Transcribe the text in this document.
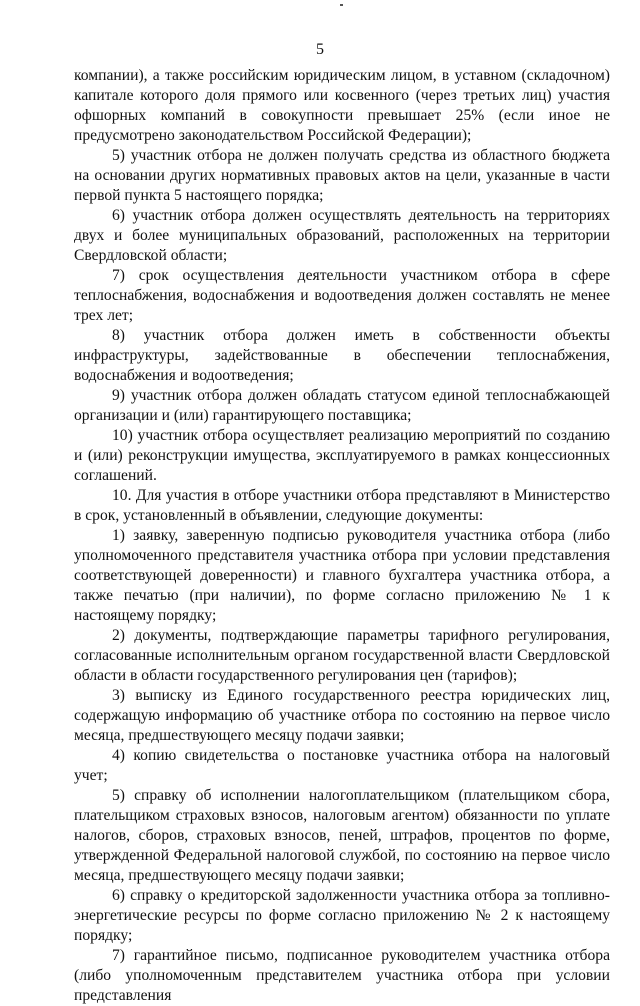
5

компании), а также российским юридическим лицом, в уставном (складочном) капитале которого доля прямого или косвенного (через третьих лиц) участия офшорных компаний в совокупности превышает 25% (если иное не предусмотрено законодательством Российской Федерации);

5) участник отбора не должен получать средства из областного бюджета на основании других нормативных правовых актов на цели, указанные в части первой пункта 5 настоящего порядка;

6) участник отбора должен осуществлять деятельность на территориях двух и более муниципальных образований, расположенных на территории Свердловской области;

7) срок осуществления деятельности участником отбора в сфере теплоснабжения, водоснабжения и водоотведения должен составлять не менее трех лет;

8) участник отбора должен иметь в собственности объекты инфраструктуры, задействованные в обеспечении теплоснабжения, водоснабжения и водоотведения;

9) участник отбора должен обладать статусом единой теплоснабжающей организации и (или) гарантирующего поставщика;

10) участник отбора осуществляет реализацию мероприятий по созданию и (или) реконструкции имущества, эксплуатируемого в рамках концессионных соглашений.

10. Для участия в отборе участники отбора представляют в Министерство в срок, установленный в объявлении, следующие документы:

1) заявку, заверенную подписью руководителя участника отбора (либо уполномоченного представителя участника отбора при условии представления соответствующей доверенности) и главного бухгалтера участника отбора, а также печатью (при наличии), по форме согласно приложению № 1 к настоящему порядку;

2) документы, подтверждающие параметры тарифного регулирования, согласованные исполнительным органом государственной власти Свердловской области в области государственного регулирования цен (тарифов);

3) выписку из Единого государственного реестра юридических лиц, содержащую информацию об участнике отбора по состоянию на первое число месяца, предшествующего месяцу подачи заявки;

4) копию свидетельства о постановке участника отбора на налоговый учет;

5) справку об исполнении налогоплательщиком (плательщиком сбора, плательщиком страховых взносов, налоговым агентом) обязанности по уплате налогов, сборов, страховых взносов, пеней, штрафов, процентов по форме, утвержденной Федеральной налоговой службой, по состоянию на первое число месяца, предшествующего месяцу подачи заявки;

6) справку о кредиторской задолженности участника отбора за топливно-энергетические ресурсы по форме согласно приложению № 2 к настоящему порядку;

7) гарантийное письмо, подписанное руководителем участника отбора (либо уполномоченным представителем участника отбора при условии представления
